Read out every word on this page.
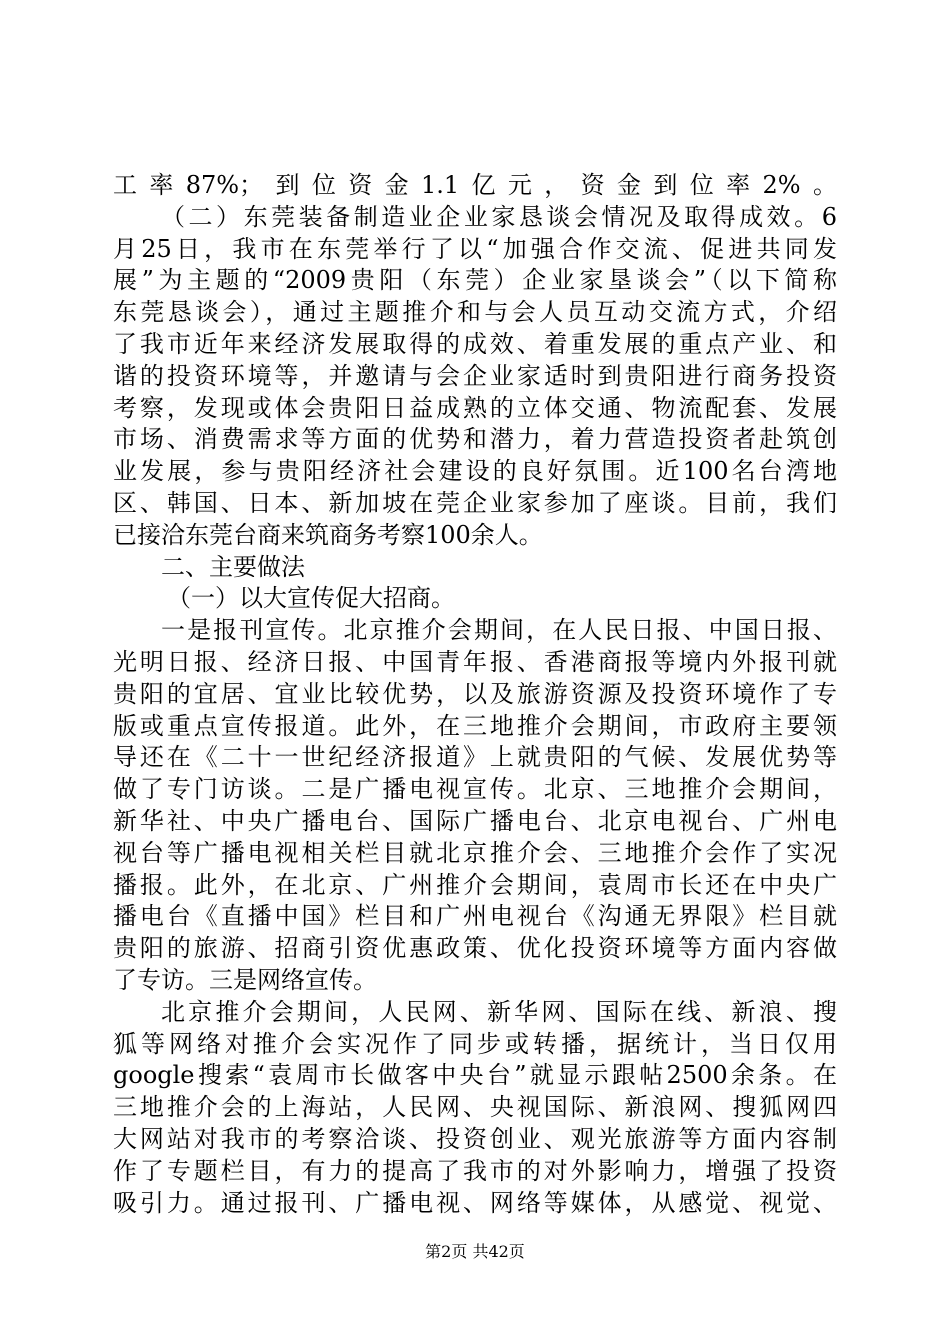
工率87%；到位资金1.1亿元，资金到位率2%。
（二）东莞装备制造业企业家恳谈会情况及取得成效。6
月25日，我市在东莞举行了以“加强合作交流、促进共同发
展”为主题的“2009贵阳（东莞）企业家垦谈会”（以下简称
东莞恳谈会），通过主题推介和与会人员互动交流方式，介绍
了我市近年来经济发展取得的成效、着重发展的重点产业、和
谐的投资环境等，并邀请与会企业家适时到贵阳进行商务投资
考察，发现或体会贵阳日益成熟的立体交通、物流配套、发展
市场、消费需求等方面的优势和潜力，着力营造投资者赴筑创
业发展，参与贵阳经济社会建设的良好氛围。近100名台湾地
区、韩国、日本、新加坡在莞企业家参加了座谈。目前，我们
已接洽东莞台商来筑商务考察100余人。
二、主要做法
（一）以大宣传促大招商。
一是报刊宣传。北京推介会期间，在人民日报、中国日报、
光明日报、经济日报、中国青年报、香港商报等境内外报刊就
贵阳的宜居、宜业比较优势，以及旅游资源及投资环境作了专
版或重点宣传报道。此外，在三地推介会期间，市政府主要领
导还在《二十一世纪经济报道》上就贵阳的气候、发展优势等
做了专门访谈。二是广播电视宣传。北京、三地推介会期间，
新华社、中央广播电台、国际广播电台、北京电视台、广州电
视台等广播电视相关栏目就北京推介会、三地推介会作了实况
播报。此外，在北京、广州推介会期间，袁周市长还在中央广
播电台《直播中国》栏目和广州电视台《沟通无界限》栏目就
贵阳的旅游、招商引资优惠政策、优化投资环境等方面内容做
了专访。三是网络宣传。
北京推介会期间，人民网、新华网、国际在线、新浪、搜
狐等网络对推介会实况作了同步或转播，据统计，当日仅用
google搜索“袁周市长做客中央台”就显示跟帖2500余条。在
三地推介会的上海站，人民网、央视国际、新浪网、搜狐网四
大网站对我市的考察洽谈、投资创业、观光旅游等方面内容制
作了专题栏目，有力的提高了我市的对外影响力，增强了投资
吸引力。通过报刊、广播电视、网络等媒体，从感觉、视觉、
第2页 共42页
